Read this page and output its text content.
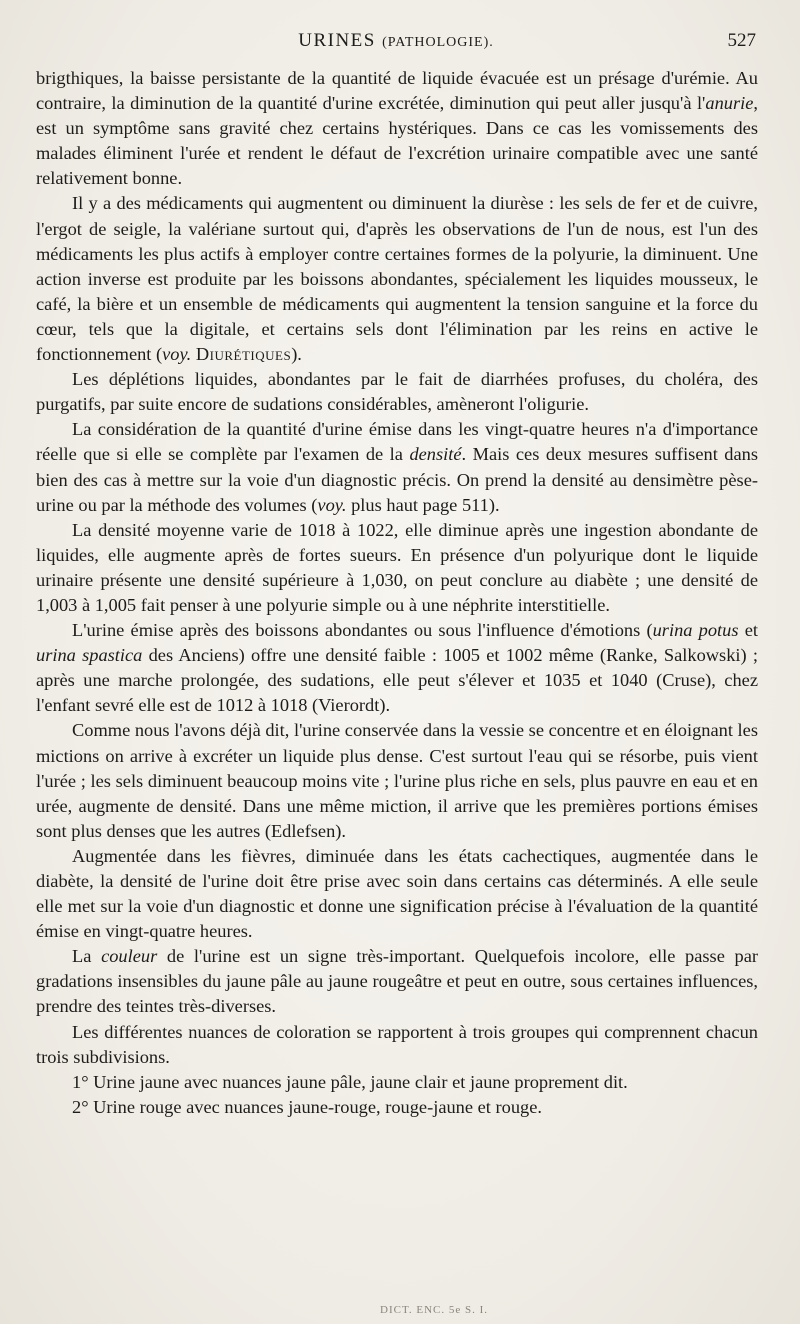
URINES (PATHOLOGIE).	527

brigthiques, la baisse persistante de la quantité de liquide évacuée est un présage d'urémie. Au contraire, la diminution de la quantité d'urine excrétée, diminution qui peut aller jusqu'à l'anurie, est un symptôme sans gravité chez certains hystériques. Dans ce cas les vomissements des malades éliminent l'urée et rendent le défaut de l'excrétion urinaire compatible avec une santé relativement bonne.

Il y a des médicaments qui augmentent ou diminuent la diurèse : les sels de fer et de cuivre, l'ergot de seigle, la valériane surtout qui, d'après les observations de l'un de nous, est l'un des médicaments les plus actifs à employer contre certaines formes de la polyurie, la diminuent. Une action inverse est produite par les boissons abondantes, spécialement les liquides mousseux, le café, la bière et un ensemble de médicaments qui augmentent la tension sanguine et la force du cœur, tels que la digitale, et certains sels dont l'élimination par les reins en active le fonctionnement (voy. Diurétiques).

Les déplétions liquides, abondantes par le fait de diarrhées profuses, du choléra, des purgatifs, par suite encore de sudations considérables, amèneront l'oligurie.

La considération de la quantité d'urine émise dans les vingt-quatre heures n'a d'importance réelle que si elle se complète par l'examen de la densité. Mais ces deux mesures suffisent dans bien des cas à mettre sur la voie d'un diagnostic précis. On prend la densité au densimètre pèse-urine ou par la méthode des volumes (voy. plus haut page 511).

La densité moyenne varie de 1018 à 1022, elle diminue après une ingestion abondante de liquides, elle augmente après de fortes sueurs. En présence d'un polyurique dont le liquide urinaire présente une densité supérieure à 1,030, on peut conclure au diabète ; une densité de 1,003 à 1,005 fait penser à une polyurie simple ou à une néphrite interstitielle.

L'urine émise après des boissons abondantes ou sous l'influence d'émotions (urina potus et urina spastica des Anciens) offre une densité faible : 1005 et 1002 même (Ranke, Salkowski) ; après une marche prolongée, des sudations, elle peut s'élever et 1035 et 1040 (Cruse), chez l'enfant sevré elle est de 1012 à 1018 (Vierordt).

Comme nous l'avons déjà dit, l'urine conservée dans la vessie se concentre et en éloignant les mictions on arrive à excréter un liquide plus dense. C'est surtout l'eau qui se résorbe, puis vient l'urée ; les sels diminuent beaucoup moins vite ; l'urine plus riche en sels, plus pauvre en eau et en urée, augmente de densité. Dans une même miction, il arrive que les premières portions émises sont plus denses que les autres (Edlefsen).

Augmentée dans les fièvres, diminuée dans les états cachectiques, augmentée dans le diabète, la densité de l'urine doit être prise avec soin dans certains cas déterminés. A elle seule elle met sur la voie d'un diagnostic et donne une signification précise à l'évaluation de la quantité émise en vingt-quatre heures.

La couleur de l'urine est un signe très-important. Quelquefois incolore, elle passe par gradations insensibles du jaune pâle au jaune rougeâtre et peut en outre, sous certaines influences, prendre des teintes très-diverses.

Les différentes nuances de coloration se rapportent à trois groupes qui comprennent chacun trois subdivisions.

1° Urine jaune avec nuances jaune pâle, jaune clair et jaune proprement dit.

2° Urine rouge avec nuances jaune-rouge, rouge-jaune et rouge.

DICT. ENC. 5e S. I.
